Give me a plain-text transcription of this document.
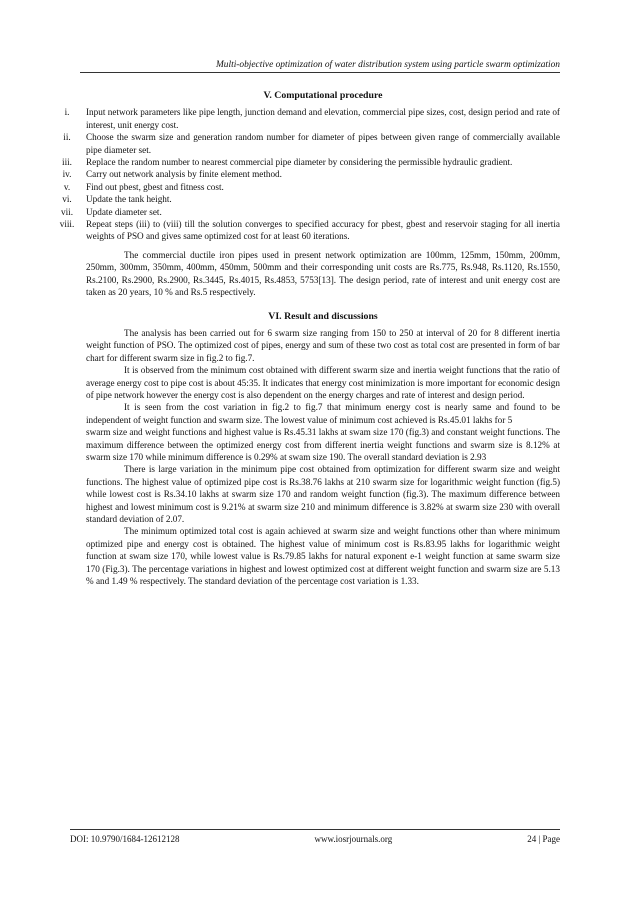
Multi-objective optimization of water distribution system using particle swarm optimization
V. Computational procedure
i.	Input network parameters like pipe length, junction demand and elevation, commercial pipe sizes, cost, design period and rate of interest, unit energy cost.
ii.	Choose the swarm size and generation random number for diameter of pipes between given range of commercially available pipe diameter set.
iii.	Replace the random number to nearest commercial pipe diameter by considering the permissible hydraulic gradient.
iv.	Carry out network analysis by finite element method.
v.	Find out pbest, gbest and fitness cost.
vi.	Update the tank height.
vii.	Update diameter set.
viii.	Repeat steps (iii) to (viii) till the solution converges to specified accuracy for pbest, gbest and reservoir staging for all inertia weights of PSO and gives same optimized cost for at least 60 iterations.

The commercial ductile iron pipes used in present network optimization are 100mm, 125mm, 150mm, 200mm, 250mm, 300mm, 350mm, 400mm, 450mm, 500mm and their corresponding unit costs are Rs.775, Rs.948, Rs.1120, Rs.1550, Rs.2100, Rs.2900, Rs.2900, Rs.3445, Rs.4015, Rs.4853, 5753[13]. The design period, rate of interest and unit energy cost are taken as 20 years, 10 % and Rs.5 respectively.

VI. Result and discussions

The analysis has been carried out for 6 swarm size ranging from 150 to 250 at interval of 20 for 8 different inertia weight function of PSO. The optimized cost of pipes, energy and sum of these two cost as total cost are presented in form of bar chart for different swarm size in fig.2 to fig.7.

It is observed from the minimum cost obtained with different swarm size and inertia weight functions that the ratio of average energy cost to pipe cost is about 45:35. It indicates that energy cost minimization is more important for economic design of pipe network however the energy cost is also dependent on the energy charges and rate of interest and design period.

It is seen from the cost variation in fig.2 to fig.7 that minimum energy cost is nearly same and found to be independent of weight function and swarm size. The lowest value of minimum cost achieved is Rs.45.01 lakhs for 5

swarm size and weight functions and highest value is Rs.45.31 lakhs at swam size 170 (fig.3) and constant weight functions. The maximum difference between the optimized energy cost from different inertia weight functions and swarm size is 8.12% at swarm size 170 while minimum difference is 0.29% at swam size 190. The overall standard deviation is 2.93

There is large variation in the minimum pipe cost obtained from optimization for different swarm size and weight functions. The highest value of optimized pipe cost is Rs.38.76 lakhs at 210 swarm size for logarithmic weight function (fig.5) while lowest cost is Rs.34.10 lakhs at swarm size 170 and random weight function (fig.3). The maximum difference between highest and lowest minimum cost is 9.21% at swarm size 210 and minimum difference is 3.82% at swarm size 230 with overall standard deviation of 2.07.

The minimum optimized total cost is again achieved at swarm size and weight functions other than where minimum optimized pipe and energy cost is obtained. The highest value of minimum cost is Rs.83.95 lakhs for logarithmic weight function at swam size 170, while lowest value is Rs.79.85 lakhs for natural exponent e-1 weight function at same swarm size 170 (Fig.3). The percentage variations in highest and lowest optimized cost at different weight function and swarm size are 5.13 % and 1.49 % respectively. The standard deviation of the percentage cost variation is 1.33.

DOI: 10.9790/1684-12612128	www.iosrjournals.org	24 | Page
